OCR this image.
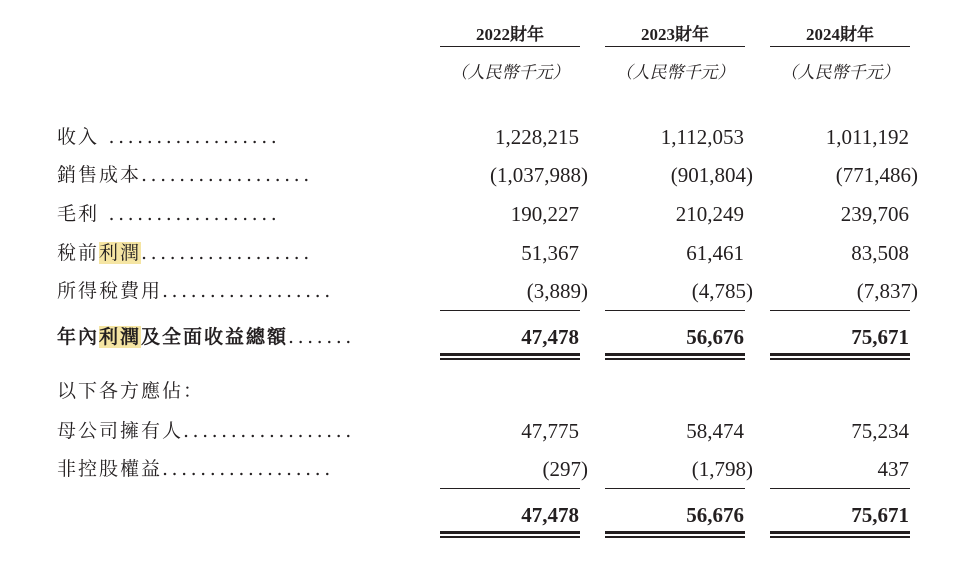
2022財年	2023財年	2024財年
（人民幣千元）	（人民幣千元）	（人民幣千元）
收入 ..................	1,228,215	1,112,053	1,011,192
銷售成本..................	(1,037,988)	(901,804)	(771,486)
毛利 ..................	190,227	210,249	239,706
稅前利潤..................	51,367	61,461	83,508
所得稅費用..................	(3,889)	(4,785)	(7,837)
年內利潤及全面收益總額.......	47,478	56,676	75,671
以下各方應佔：
母公司擁有人..................	47,775	58,474	75,234
非控股權益..................	(297)	(1,798)	437
47,478	56,676	75,671
